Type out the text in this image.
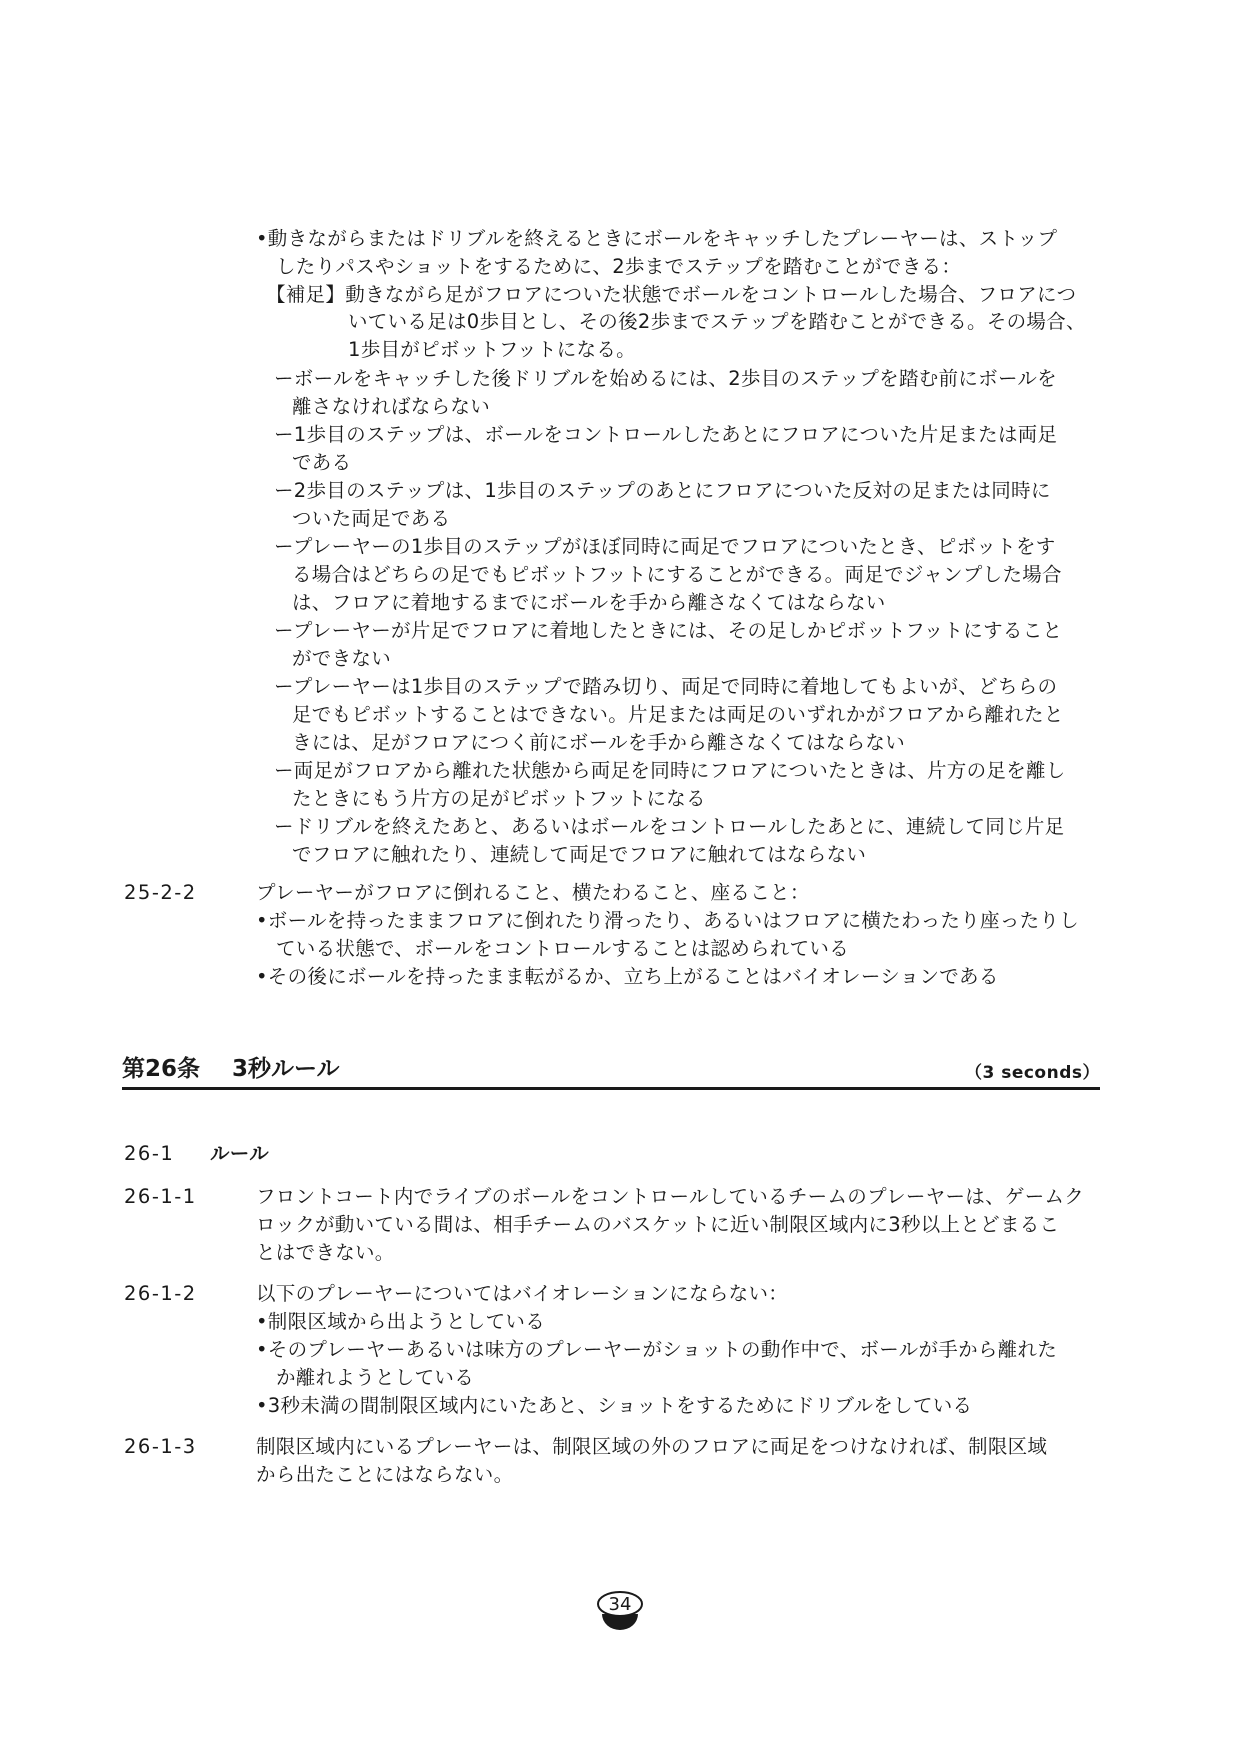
•動きながらまたはドリブルを終えるときにボールをキャッチしたプレーヤーは、ストップ
したりパスやショットをするために、2歩までステップを踏むことができる：
【補足】動きながら足がフロアについた状態でボールをコントロールした場合、フロアにつ
いている足は0歩目とし、その後2歩までステップを踏むことができる。その場合、
1歩目がピボットフットになる。
ーボールをキャッチした後ドリブルを始めるには、2歩目のステップを踏む前にボールを
離さなければならない
ー1歩目のステップは、ボールをコントロールしたあとにフロアについた片足または両足
である
ー2歩目のステップは、1歩目のステップのあとにフロアについた反対の足または同時に
ついた両足である
ープレーヤーの1歩目のステップがほぼ同時に両足でフロアについたとき、ピボットをす
る場合はどちらの足でもピボットフットにすることができる。両足でジャンプした場合
は、フロアに着地するまでにボールを手から離さなくてはならない
ープレーヤーが片足でフロアに着地したときには、その足しかピボットフットにすること
ができない
ープレーヤーは1歩目のステップで踏み切り、両足で同時に着地してもよいが、どちらの
足でもピボットすることはできない。片足または両足のいずれかがフロアから離れたと
きには、足がフロアにつく前にボールを手から離さなくてはならない
ー両足がフロアから離れた状態から両足を同時にフロアについたときは、片方の足を離し
たときにもう片方の足がピボットフットになる
ードリブルを終えたあと、あるいはボールをコントロールしたあとに、連続して同じ片足
でフロアに触れたり、連続して両足でフロアに触れてはならない
25-2-2	プレーヤーがフロアに倒れること、横たわること、座ること：
•ボールを持ったままフロアに倒れたり滑ったり、あるいはフロアに横たわったり座ったりし
ている状態で、ボールをコントロールすることは認められている
•その後にボールを持ったまま転がるか、立ち上がることはバイオレーションである
第26条 3秒ルール	（3 seconds）
26-1 ルール
26-1-1	フロントコート内でライブのボールをコントロールしているチームのプレーヤーは、ゲームク
ロックが動いている間は、相手チームのバスケットに近い制限区域内に3秒以上とどまるこ
とはできない。
26-1-2	以下のプレーヤーについてはバイオレーションにならない：
•制限区域から出ようとしている
•そのプレーヤーあるいは味方のプレーヤーがショットの動作中で、ボールが手から離れた
か離れようとしている
•3秒未満の間制限区域内にいたあと、ショットをするためにドリブルをしている
26-1-3	制限区域内にいるプレーヤーは、制限区域の外のフロアに両足をつけなければ、制限区域
から出たことにはならない。
34
